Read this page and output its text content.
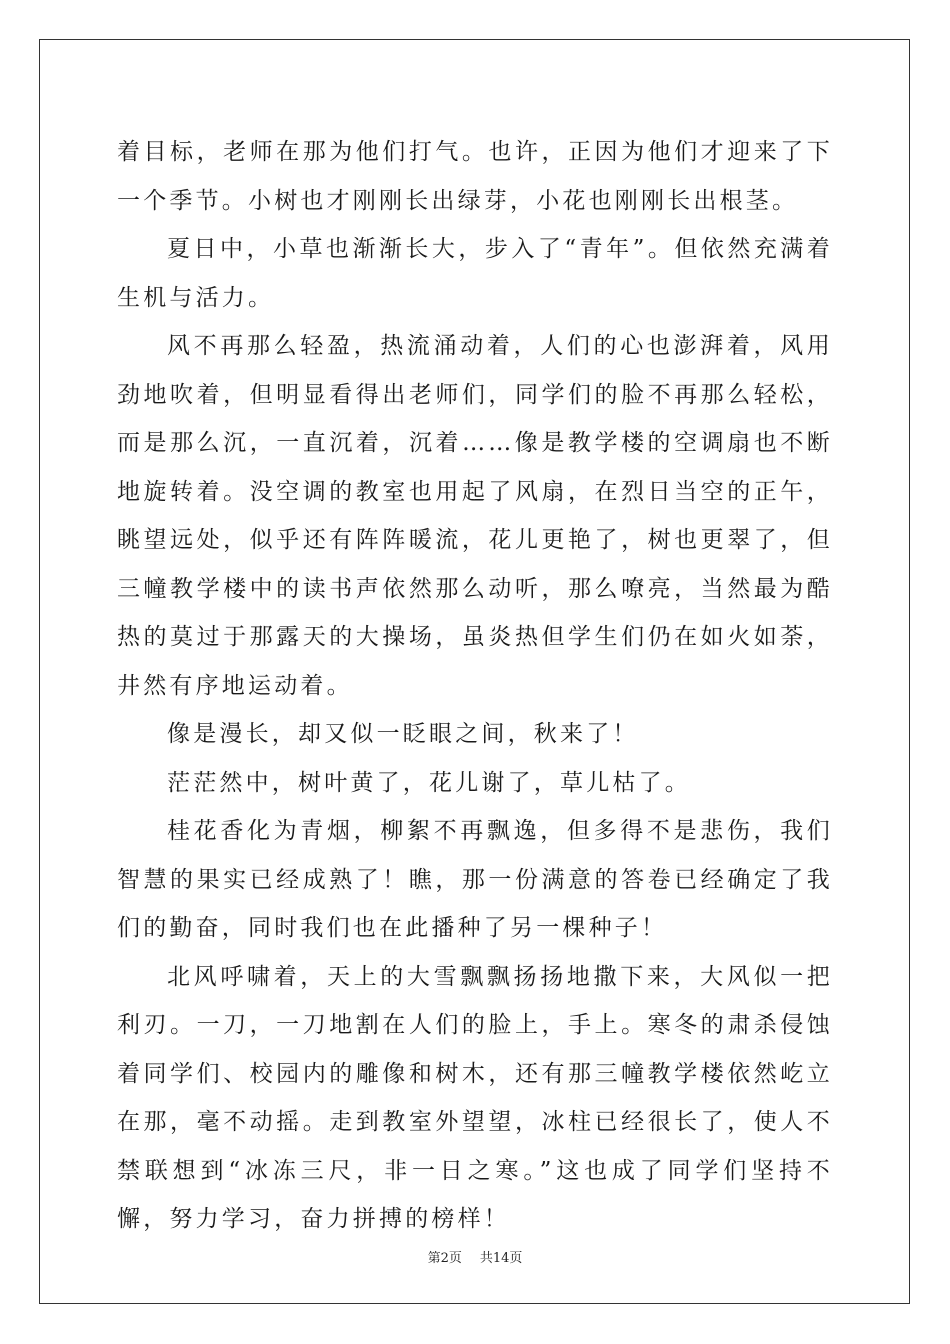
着目标，老师在那为他们打气。也许，正因为他们才迎来了下一个季节。小树也才刚刚长出绿芽，小花也刚刚长出根茎。

夏日中，小草也渐渐长大，步入了“青年”。但依然充满着生机与活力。

风不再那么轻盈，热流涌动着，人们的心也澎湃着，风用劲地吹着，但明显看得出老师们，同学们的脸不再那么轻松，而是那么沉，一直沉着，沉着……像是教学楼的空调扇也不断地旋转着。没空调的教室也用起了风扇，在烈日当空的正午，眺望远处，似乎还有阵阵暖流，花儿更艳了，树也更翠了，但三幢教学楼中的读书声依然那么动听，那么嘹亮，当然最为酷热的莫过于那露天的大操场，虽炎热但学生们仍在如火如荼，井然有序地运动着。

像是漫长，却又似一眨眼之间，秋来了！

茫茫然中，树叶黄了，花儿谢了，草儿枯了。

桂花香化为青烟，柳絮不再飘逸，但多得不是悲伤，我们智慧的果实已经成熟了！瞧，那一份满意的答卷已经确定了我们的勤奋，同时我们也在此播种了另一棵种子！

北风呼啸着，天上的大雪飘飘扬扬地撒下来，大风似一把利刃。一刀，一刀地割在人们的脸上，手上。寒冬的肃杀侵蚀着同学们、校园内的雕像和树木，还有那三幢教学楼依然屹立在那，毫不动摇。走到教室外望望，冰柱已经很长了，使人不禁联想到“冰冻三尺，非一日之寒。”这也成了同学们坚持不懈，努力学习，奋力拼搏的榜样！

第2页 共14页
